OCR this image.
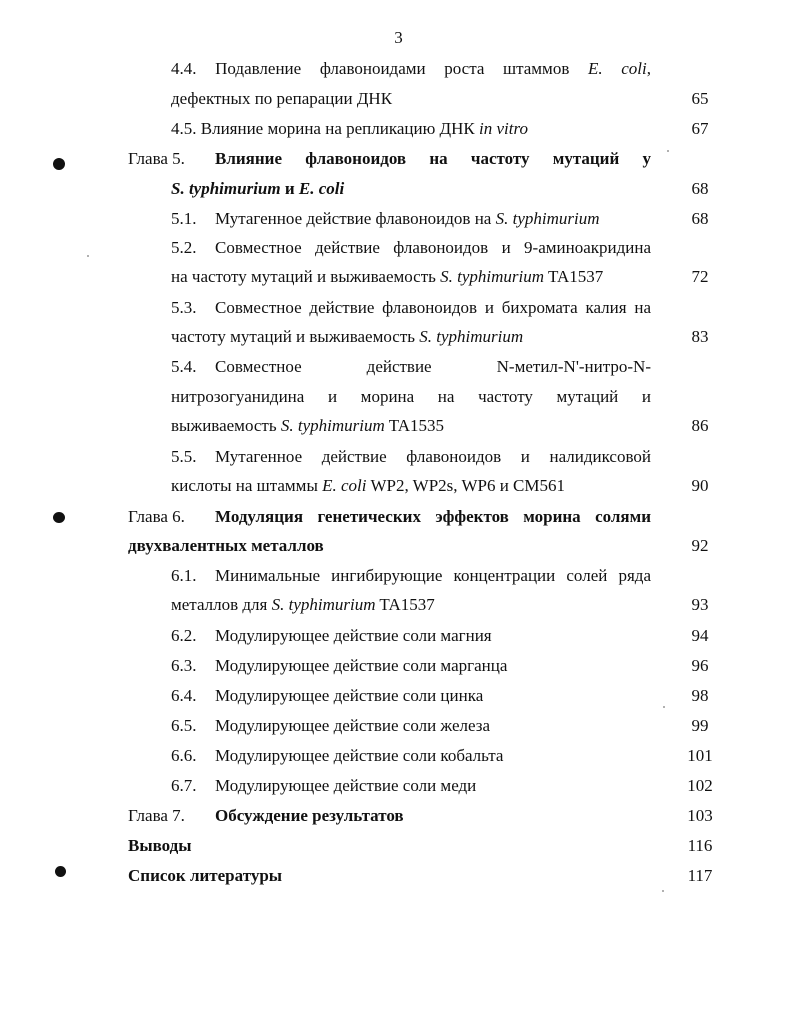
3
4.4. Подавление флавоноидами роста штаммов E. coli,
дефектных по репарации ДНК	65
4.5. Влияние морина на репликацию ДНК in vitro	67
Глава 5. Влияние флавоноидов на частоту мутаций у
S. typhimurium и E. coli	68
5.1. Мутагенное действие флавоноидов на S. typhimurium	68
5.2. Совместное действие флавоноидов и 9-аминоакридина
на частоту мутаций и выживаемость S. typhimurium TA1537	72
5.3. Совместное действие флавоноидов и бихромата калия на
частоту мутаций и выживаемость S. typhimurium	83
5.4. Совместное действие N-метил-N'-нитро-N-
нитрозогуанидина и морина на частоту мутаций и
выживаемость S. typhimurium TA1535	86
5.5. Мутагенное действие флавоноидов и налидиксовой
кислоты на штаммы E. coli WP2, WP2s, WP6 и CM561	90
Глава 6. Модуляция генетических эффектов морина солями
двухвалентных металлов	92
6.1. Минимальные ингибирующие концентрации солей ряда
металлов для S. typhimurium TA1537	93
6.2. Модулирующее действие соли магния	94
6.3. Модулирующее действие соли марганца	96
6.4. Модулирующее действие соли цинка	98
6.5. Модулирующее действие соли железа	99
6.6. Модулирующее действие соли кобальта	101
6.7. Модулирующее действие соли меди	102
Глава 7. Обсуждение результатов	103
Выводы	116
Список литературы	117
